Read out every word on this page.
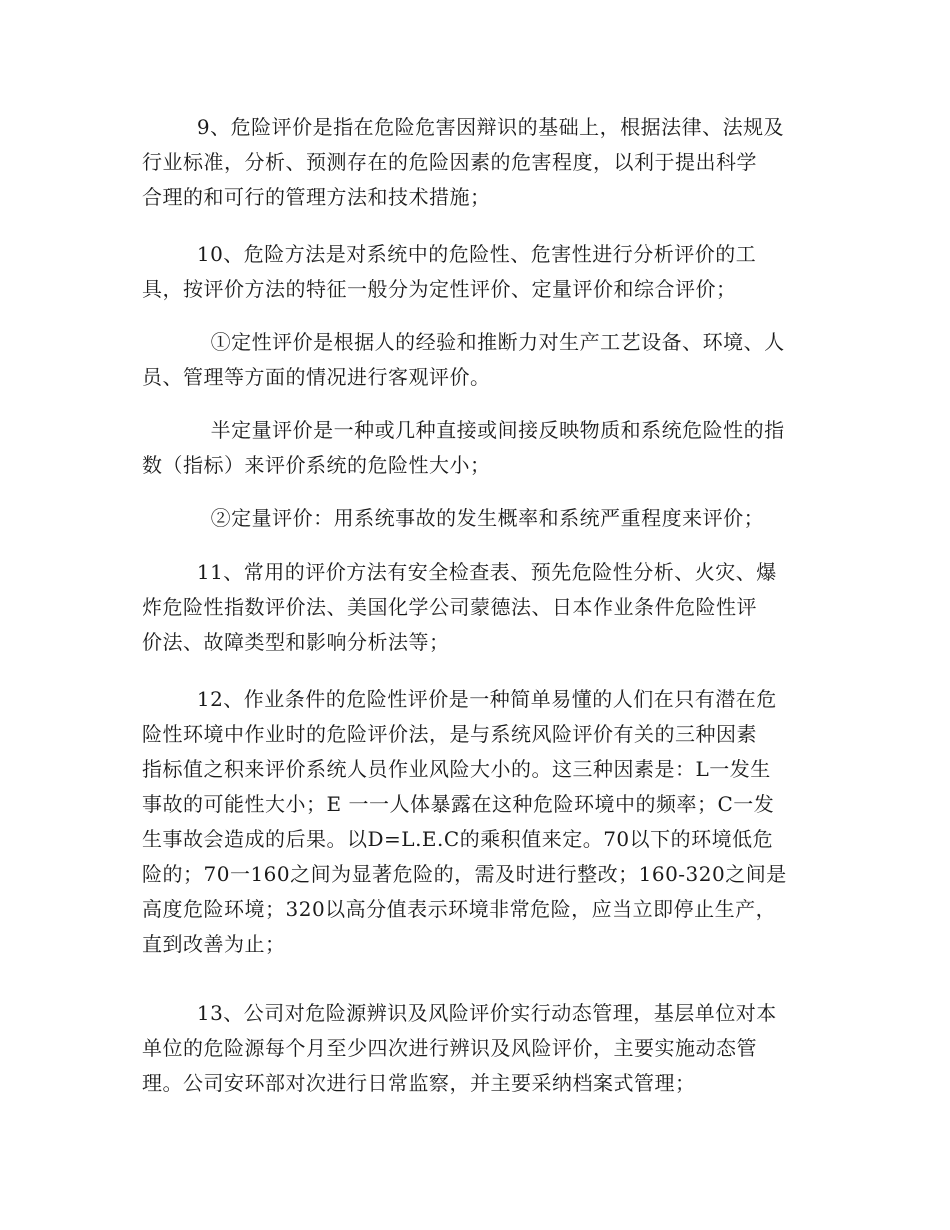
9、危险评价是指在危险危害因辩识的基础上，根据法律、法规及
行业标准，分析、预测存在的危险因素的危害程度，以利于提出科学
合理的和可行的管理方法和技术措施；
10、危险方法是对系统中的危险性、危害性进行分析评价的工
具，按评价方法的特征一般分为定性评价、定量评价和综合评价；
①定性评价是根据人的经验和推断力对生产工艺设备、环境、人
员、管理等方面的情况进行客观评价。
半定量评价是一种或几种直接或间接反映物质和系统危险性的指
数（指标）来评价系统的危险性大小；
②定量评价：用系统事故的发生概率和系统严重程度来评价；
11、常用的评价方法有安全检查表、预先危险性分析、火灾、爆
炸危险性指数评价法、美国化学公司蒙德法、日本作业条件危险性评
价法、故障类型和影响分析法等；
12、作业条件的危险性评价是一种简单易懂的人们在只有潜在危
险性环境中作业时的危险评价法，是与系统风险评价有关的三种因素
指标值之积来评价系统人员作业风险大小的。这三种因素是：L一发生
事故的可能性大小；E 一一人体暴露在这种危险环境中的频率；C一发
生事故会造成的后果。以D=L.E.C的乘积值来定。70以下的环境低危
险的；70一160之间为显著危险的，需及时进行整改；160-320之间是
高度危险环境；320以高分值表示环境非常危险，应当立即停止生产，
直到改善为止；
13、公司对危险源辨识及风险评价实行动态管理，基层单位对本
单位的危险源每个月至少四次进行辨识及风险评价，主要实施动态管
理。公司安环部对次进行日常监察，并主要采纳档案式管理；
